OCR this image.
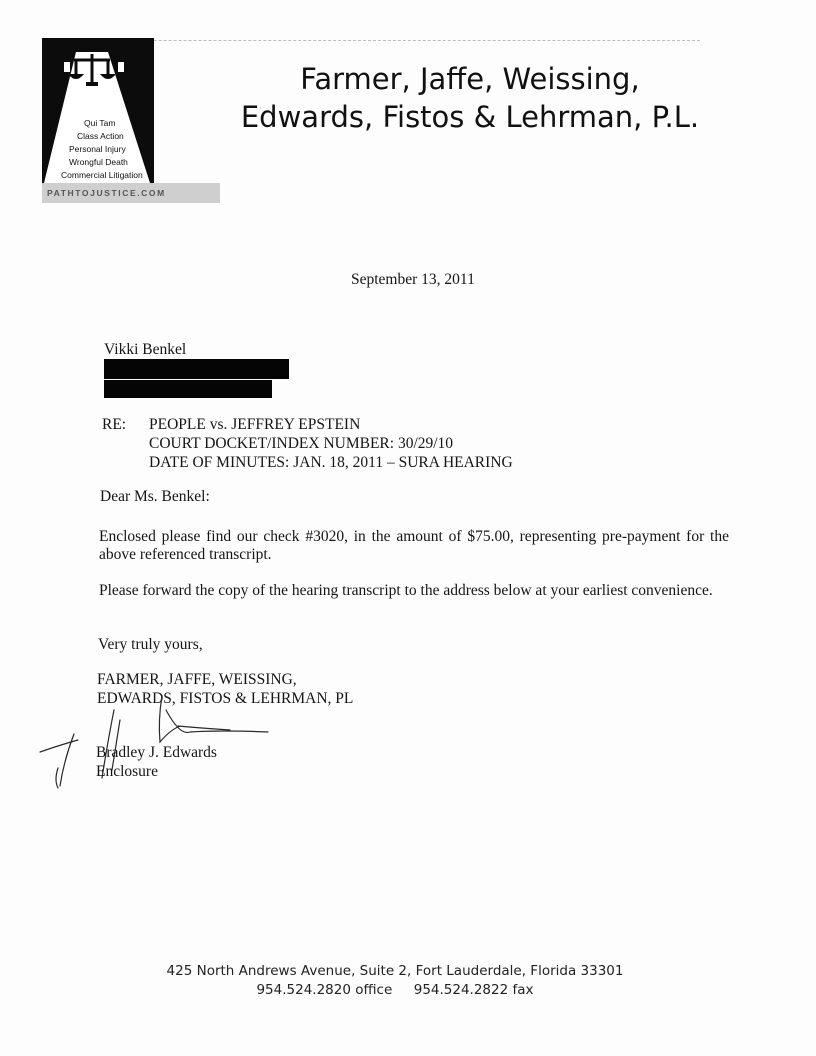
Qui Tam
Class Action
Personal Injury
Wrongful Death
Commercial Litigation
PATHTOJUSTICE.COM
Farmer, Jaffe, Weissing,
Edwards, Fistos & Lehrman, P.L.
September 13, 2011
Vikki Benkel
RE: PEOPLE vs. JEFFREY EPSTEIN
COURT DOCKET/INDEX NUMBER: 30/29/10
DATE OF MINUTES: JAN. 18, 2011 – SURA HEARING
Dear Ms. Benkel:
Enclosed please find our check #3020, in the amount of $75.00, representing pre-payment for the above referenced transcript.
Please forward the copy of the hearing transcript to the address below at your earliest convenience.
Very truly yours,
FARMER, JAFFE, WEISSING,
EDWARDS, FISTOS & LEHRMAN, PL
Bradley J. Edwards
Enclosure
425 North Andrews Avenue, Suite 2, Fort Lauderdale, Florida 33301
954.524.2820 office     954.524.2822 fax
